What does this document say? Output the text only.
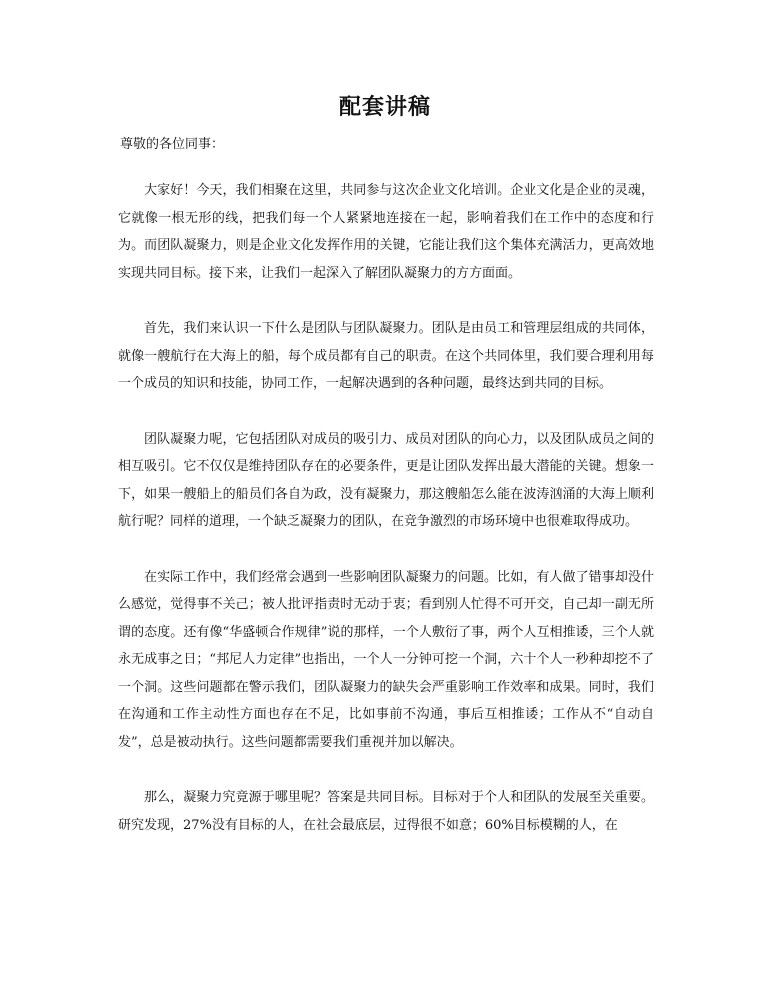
配套讲稿
尊敬的各位同事：

大家好！今天，我们相聚在这里，共同参与这次企业文化培训。企业文化是企业的灵魂，它就像一根无形的线，把我们每一个人紧紧地连接在一起，影响着我们在工作中的态度和行为。而团队凝聚力，则是企业文化发挥作用的关键，它能让我们这个集体充满活力，更高效地实现共同目标。接下来，让我们一起深入了解团队凝聚力的方方面面。

首先，我们来认识一下什么是团队与团队凝聚力。团队是由员工和管理层组成的共同体，就像一艘航行在大海上的船，每个成员都有自己的职责。在这个共同体里，我们要合理利用每一个成员的知识和技能，协同工作，一起解决遇到的各种问题，最终达到共同的目标。

团队凝聚力呢，它包括团队对成员的吸引力、成员对团队的向心力，以及团队成员之间的相互吸引。它不仅仅是维持团队存在的必要条件，更是让团队发挥出最大潜能的关键。想象一下，如果一艘船上的船员们各自为政，没有凝聚力，那这艘船怎么能在波涛汹涌的大海上顺利航行呢？同样的道理，一个缺乏凝聚力的团队，在竞争激烈的市场环境中也很难取得成功。

在实际工作中，我们经常会遇到一些影响团队凝聚力的问题。比如，有人做了错事却没什么感觉，觉得事不关己；被人批评指责时无动于衷；看到别人忙得不可开交，自己却一副无所谓的态度。还有像“华盛顿合作规律”说的那样，一个人敷衍了事，两个人互相推诿，三个人就永无成事之日；“邦尼人力定律”也指出，一个人一分钟可挖一个洞，六十个人一秒种却挖不了一个洞。这些问题都在警示我们，团队凝聚力的缺失会严重影响工作效率和成果。同时，我们在沟通和工作主动性方面也存在不足，比如事前不沟通，事后互相推诿；工作从不“自动自发”，总是被动执行。这些问题都需要我们重视并加以解决。

那么，凝聚力究竟源于哪里呢？答案是共同目标。目标对于个人和团队的发展至关重要。研究发现，27%没有目标的人，在社会最底层，过得很不如意；60%目标模糊的人，在
